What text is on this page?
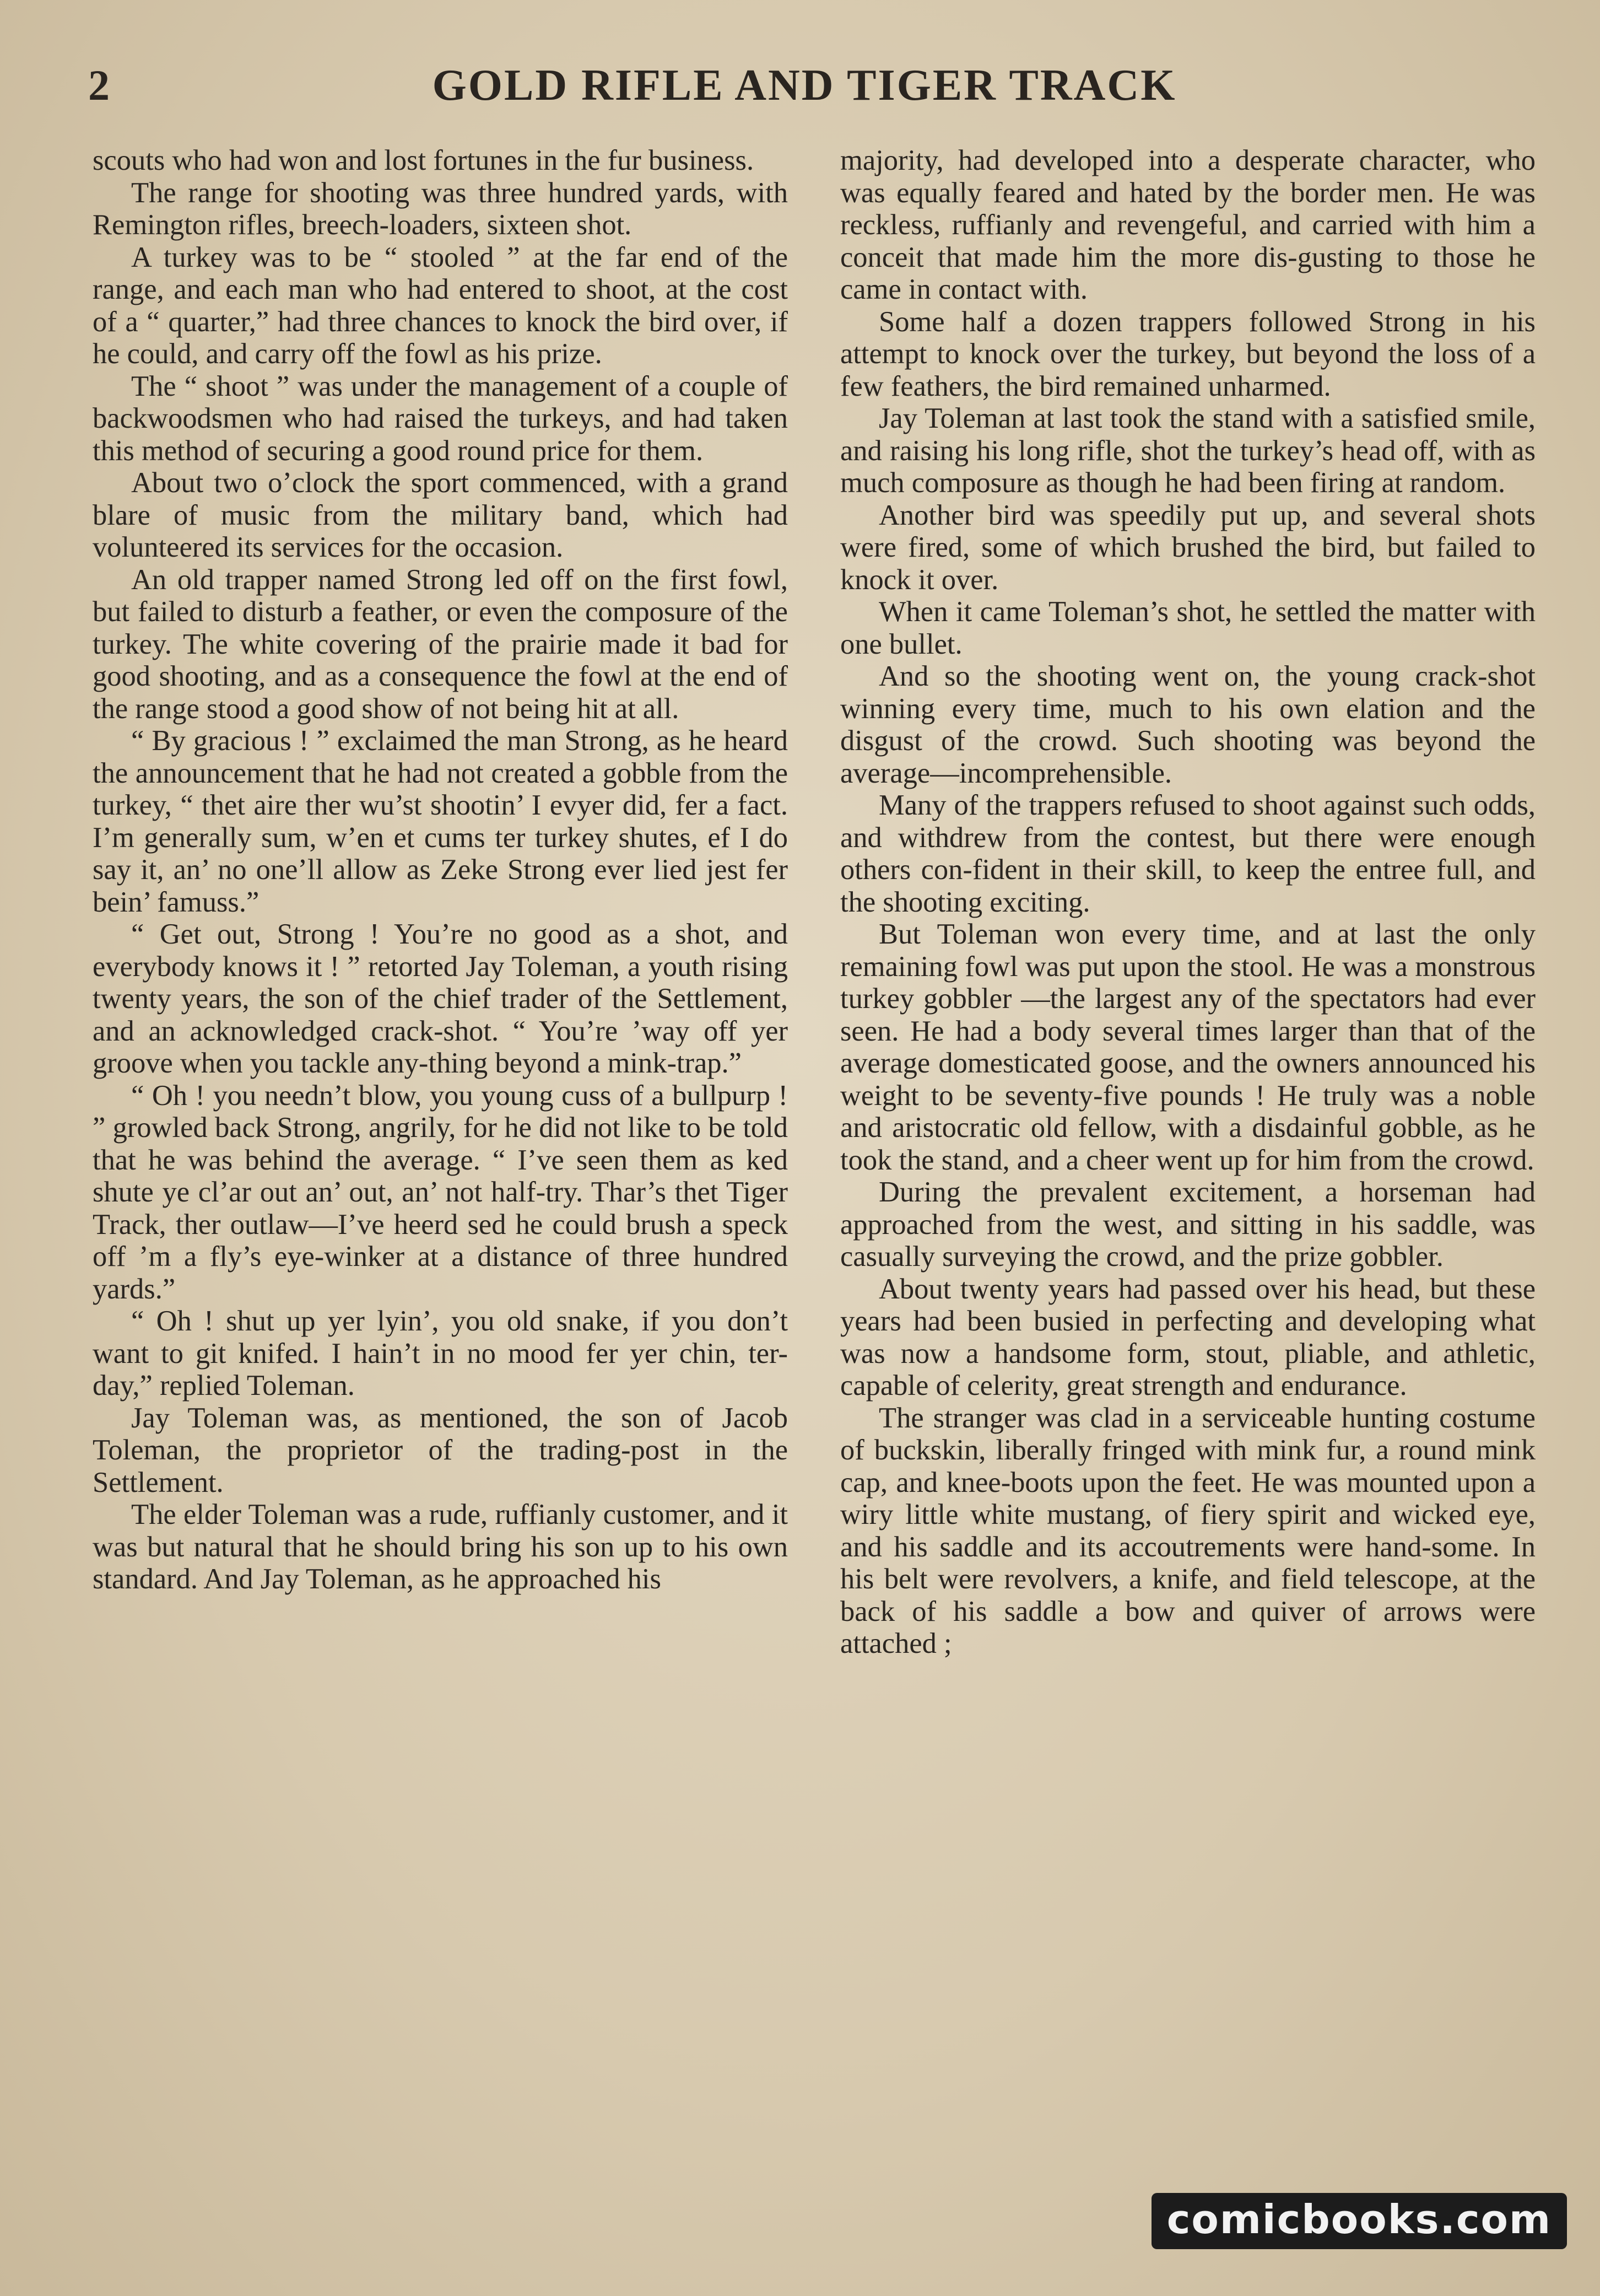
2	GOLD RIFLE AND TIGER TRACK

scouts who had won and lost fortunes in the fur business.

The range for shooting was three hundred yards, with Remington rifles, breech-loaders, sixteen shot.

A turkey was to be “ stooled ” at the far end of the range, and each man who had entered to shoot, at the cost of a “ quarter,” had three chances to knock the bird over, if he could, and carry off the fowl as his prize.

The “ shoot ” was under the management of a couple of backwoodsmen who had raised the turkeys, and had taken this method of securing a good round price for them.

About two o’clock the sport commenced, with a grand blare of music from the military band, which had volunteered its services for the occasion.

An old trapper named Strong led off on the first fowl, but failed to disturb a feather, or even the composure of the turkey. The white covering of the prairie made it bad for good shooting, and as a consequence the fowl at the end of the range stood a good show of not being hit at all.

“ By gracious ! ” exclaimed the man Strong, as he heard the announcement that he had not created a gobble from the turkey, “ thet aire ther wu’st shootin’ I evyer did, fer a fact. I’m generally sum, w’en et cums ter turkey shutes, ef I do say it, an’ no one’ll allow as Zeke Strong ever lied jest fer bein’ famuss.”

“ Get out, Strong ! You’re no good as a shot, and everybody knows it ! ” retorted Jay Toleman, a youth rising twenty years, the son of the chief trader of the Settlement, and an acknowledged crack-shot. “ You’re ’way off yer groove when you tackle any-thing beyond a mink-trap.”

“ Oh ! you needn’t blow, you young cuss of a bullpurp ! ” growled back Strong, angrily, for he did not like to be told that he was behind the average. “ I’ve seen them as ked shute ye cl’ar out an’ out, an’ not half-try. Thar’s thet Tiger Track, ther outlaw—I’ve heerd sed he could brush a speck off ’m a fly’s eye-winker at a distance of three hundred yards.”

“ Oh ! shut up yer lyin’, you old snake, if you don’t want to git knifed. I hain’t in no mood fer yer chin, ter-day,” replied Toleman.

Jay Toleman was, as mentioned, the son of Jacob Toleman, the proprietor of the trading-post in the Settlement.

The elder Toleman was a rude, ruffianly customer, and it was but natural that he should bring his son up to his own standard. And Jay Toleman, as he approached his

majority, had developed into a desperate character, who was equally feared and hated by the border men. He was reckless, ruffianly and revengeful, and carried with him a conceit that made him the more dis-gusting to those he came in contact with.

Some half a dozen trappers followed Strong in his attempt to knock over the turkey, but beyond the loss of a few feathers, the bird remained unharmed.

Jay Toleman at last took the stand with a satisfied smile, and raising his long rifle, shot the turkey’s head off, with as much composure as though he had been firing at random.

Another bird was speedily put up, and several shots were fired, some of which brushed the bird, but failed to knock it over.

When it came Toleman’s shot, he settled the matter with one bullet.

And so the shooting went on, the young crack-shot winning every time, much to his own elation and the disgust of the crowd. Such shooting was beyond the average—incomprehensible.

Many of the trappers refused to shoot against such odds, and withdrew from the contest, but there were enough others con-fident in their skill, to keep the entree full, and the shooting exciting.

But Toleman won every time, and at last the only remaining fowl was put upon the stool. He was a monstrous turkey gobbler —the largest any of the spectators had ever seen. He had a body several times larger than that of the average domesticated goose, and the owners announced his weight to be seventy-five pounds ! He truly was a noble and aristocratic old fellow, with a disdainful gobble, as he took the stand, and a cheer went up for him from the crowd.

During the prevalent excitement, a horseman had approached from the west, and sitting in his saddle, was casually surveying the crowd, and the prize gobbler.

About twenty years had passed over his head, but these years had been busied in perfecting and developing what was now a handsome form, stout, pliable, and athletic, capable of celerity, great strength and endurance.

The stranger was clad in a serviceable hunting costume of buckskin, liberally fringed with mink fur, a round mink cap, and knee-boots upon the feet. He was mounted upon a wiry little white mustang, of fiery spirit and wicked eye, and his saddle and its accoutrements were hand-some. In his belt were revolvers, a knife, and field telescope, at the back of his saddle a bow and quiver of arrows were attached ;

comicbooks.com
